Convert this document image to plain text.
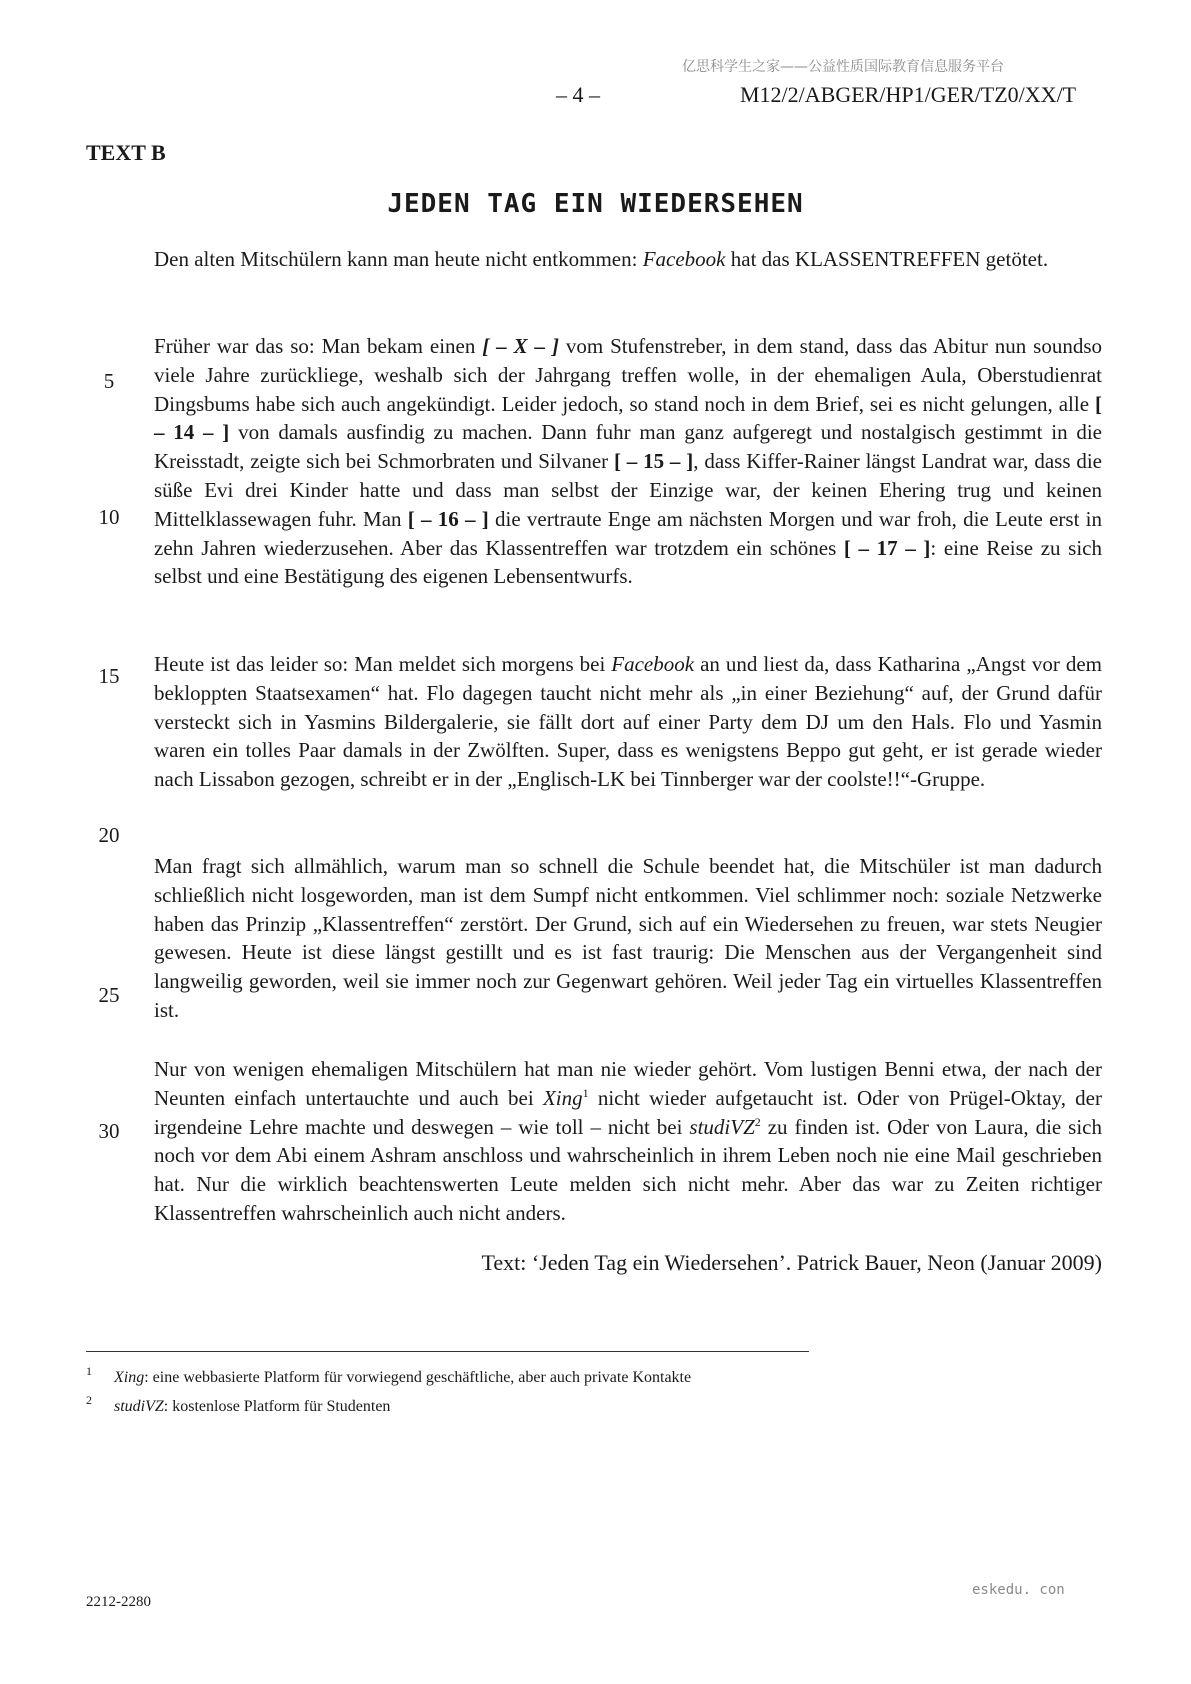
亿思科学生之家——公益性质国际教育信息服务平台
– 4 –	M12/2/ABGER/HP1/GER/TZ0/XX/T
TEXT B
JEDEN TAG EIN WIEDERSEHEN

Den alten Mitschülern kann man heute nicht entkommen: Facebook hat das KLASSENTREFFEN getötet.

Früher war das so: Man bekam einen [ – X – ] vom Stufenstreber, in dem stand, dass das Abitur nun soundso viele Jahre zurückliege, weshalb sich der Jahrgang treffen wolle, in der ehemaligen Aula, Oberstudienrat Dingsbums habe sich auch angekündigt. Leider jedoch, so stand noch in dem Brief, sei es nicht gelungen, alle [ – 14 – ] von damals ausfindig zu machen. Dann fuhr man ganz aufgeregt und nostalgisch gestimmt in die Kreisstadt, zeigte sich bei Schmorbraten und Silvaner [ – 15 – ], dass Kiffer-Rainer längst Landrat war, dass die süße Evi drei Kinder hatte und dass man selbst der Einzige war, der keinen Ehering trug und keinen Mittelklassewagen fuhr. Man [ – 16 – ] die vertraute Enge am nächsten Morgen und war froh, die Leute erst in zehn Jahren wiederzusehen. Aber das Klassentreffen war trotzdem ein schönes [ – 17 – ]: eine Reise zu sich selbst und eine Bestätigung des eigenen Lebensentwurfs.

Heute ist das leider so: Man meldet sich morgens bei Facebook an und liest da, dass Katharina „Angst vor dem bekloppten Staatsexamen“ hat. Flo dagegen taucht nicht mehr als „in einer Beziehung“ auf, der Grund dafür versteckt sich in Yasmins Bildergalerie, sie fällt dort auf einer Party dem DJ um den Hals. Flo und Yasmin waren ein tolles Paar damals in der Zwölften. Super, dass es wenigstens Beppo gut geht, er ist gerade wieder nach Lissabon gezogen, schreibt er in der „Englisch-LK bei Tinnberger war der coolste!!“-Gruppe.

Man fragt sich allmählich, warum man so schnell die Schule beendet hat, die Mitschüler ist man dadurch schließlich nicht losgeworden, man ist dem Sumpf nicht entkommen. Viel schlimmer noch: soziale Netzwerke haben das Prinzip „Klassentreffen“ zerstört. Der Grund, sich auf ein Wiedersehen zu freuen, war stets Neugier gewesen. Heute ist diese längst gestillt und es ist fast traurig: Die Menschen aus der Vergangenheit sind langweilig geworden, weil sie immer noch zur Gegenwart gehören. Weil jeder Tag ein virtuelles Klassentreffen ist.

Nur von wenigen ehemaligen Mitschülern hat man nie wieder gehört. Vom lustigen Benni etwa, der nach der Neunten einfach untertauchte und auch bei Xing$^1$ nicht wieder aufgetaucht ist. Oder von Prügel-Oktay, der irgendeine Lehre machte und deswegen – wie toll – nicht bei studiVZ$^2$ zu finden ist. Oder von Laura, die sich noch vor dem Abi einem Ashram anschloss und wahrscheinlich in ihrem Leben noch nie eine Mail geschrieben hat. Nur die wirklich beachtenswerten Leute melden sich nicht mehr. Aber das war zu Zeiten richtiger Klassentreffen wahrscheinlich auch nicht anders.

5
10
15
20
25
30
Text: ‘Jeden Tag ein Wiedersehen’. Patrick Bauer, Neon (Januar 2009)
1 Xing: eine webbasierte Platform für vorwiegend geschäftliche, aber auch private Kontakte
2 studiVZ: kostenlose Platform für Studenten
2212-2280
eskedu. con
